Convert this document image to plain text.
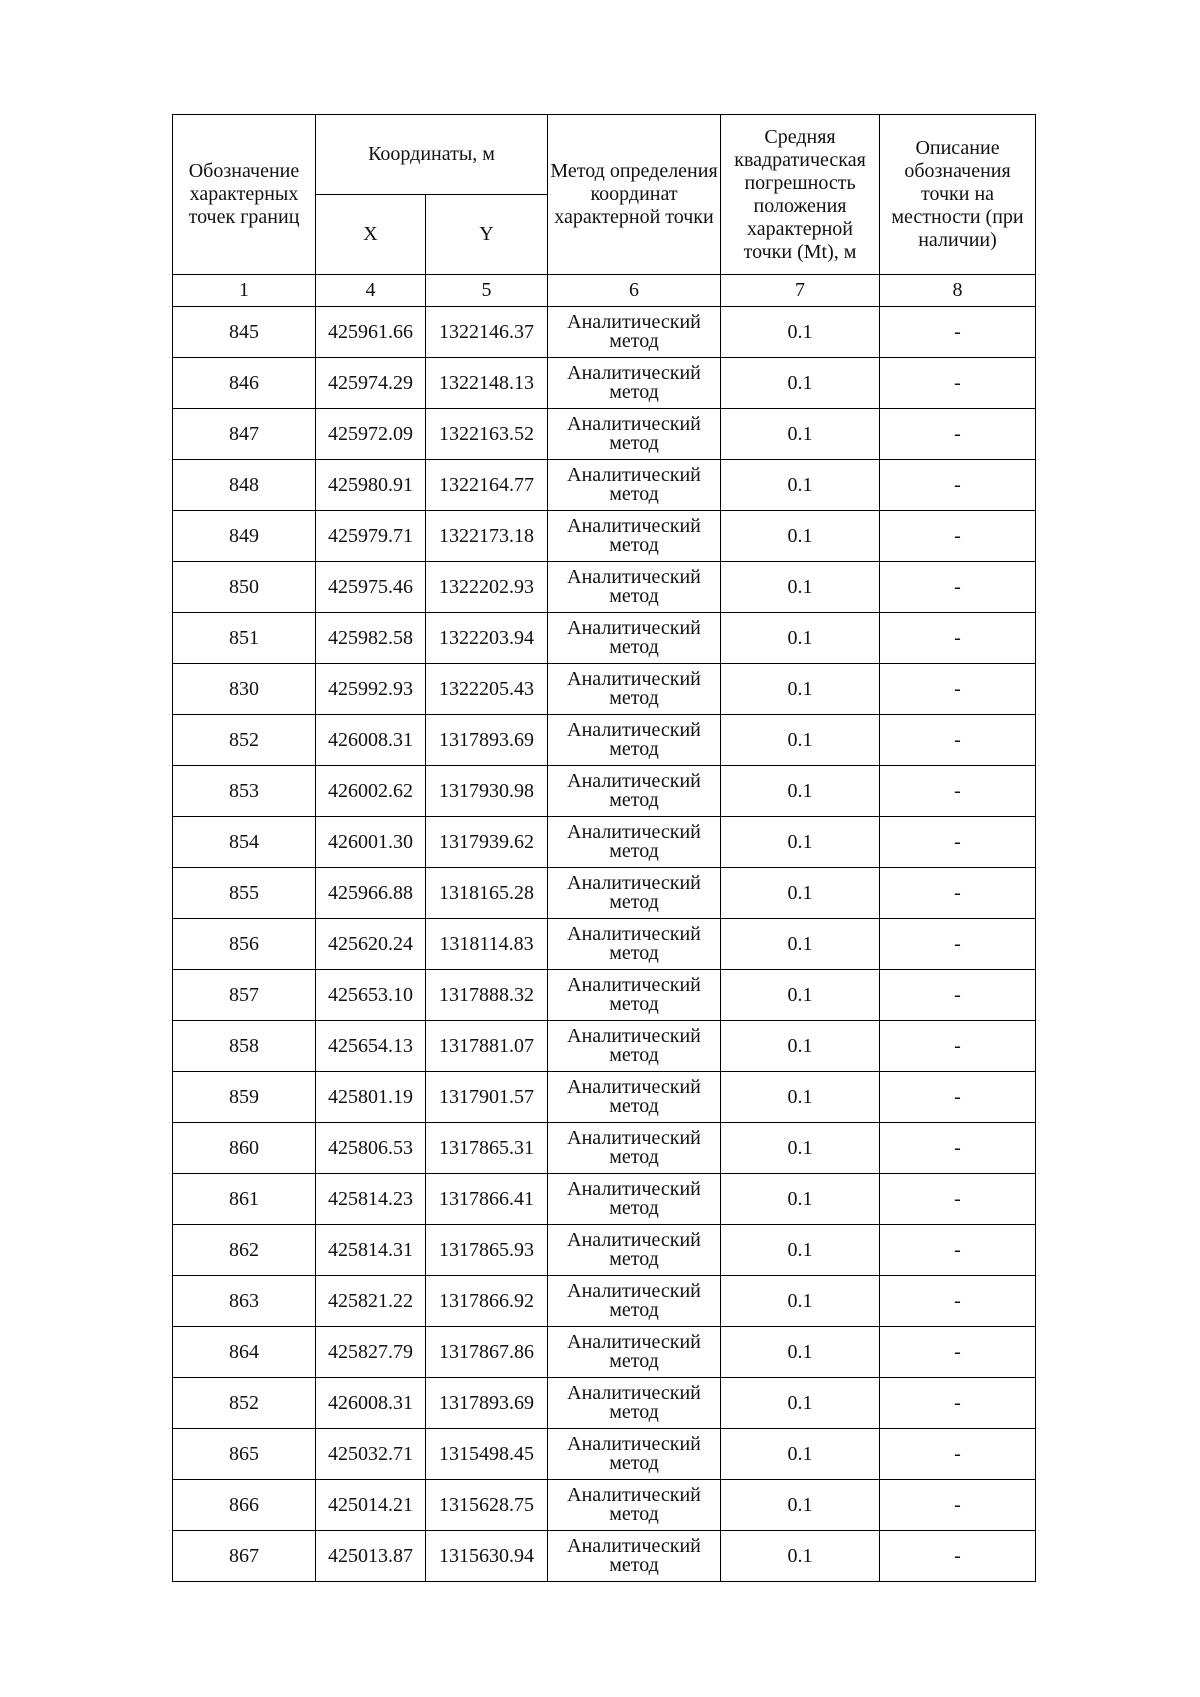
Обозначение характерных точек границ	Координаты, м		Метод определения координат характерной точки	Средняя квадратическая погрешность положения характерной точки (Mt), м	Описание обозначения точки на местности (при наличии)
	X	Y			
1	4	5	6	7	8
845	425961.66	1322146.37	Аналитический метод	0.1	-
846	425974.29	1322148.13	Аналитический метод	0.1	-
847	425972.09	1322163.52	Аналитический метод	0.1	-
848	425980.91	1322164.77	Аналитический метод	0.1	-
849	425979.71	1322173.18	Аналитический метод	0.1	-
850	425975.46	1322202.93	Аналитический метод	0.1	-
851	425982.58	1322203.94	Аналитический метод	0.1	-
830	425992.93	1322205.43	Аналитический метод	0.1	-
852	426008.31	1317893.69	Аналитический метод	0.1	-
853	426002.62	1317930.98	Аналитический метод	0.1	-
854	426001.30	1317939.62	Аналитический метод	0.1	-
855	425966.88	1318165.28	Аналитический метод	0.1	-
856	425620.24	1318114.83	Аналитический метод	0.1	-
857	425653.10	1317888.32	Аналитический метод	0.1	-
858	425654.13	1317881.07	Аналитический метод	0.1	-
859	425801.19	1317901.57	Аналитический метод	0.1	-
860	425806.53	1317865.31	Аналитический метод	0.1	-
861	425814.23	1317866.41	Аналитический метод	0.1	-
862	425814.31	1317865.93	Аналитический метод	0.1	-
863	425821.22	1317866.92	Аналитический метод	0.1	-
864	425827.79	1317867.86	Аналитический метод	0.1	-
852	426008.31	1317893.69	Аналитический метод	0.1	-
865	425032.71	1315498.45	Аналитический метод	0.1	-
866	425014.21	1315628.75	Аналитический метод	0.1	-
867	425013.87	1315630.94	Аналитический метод	0.1	-
